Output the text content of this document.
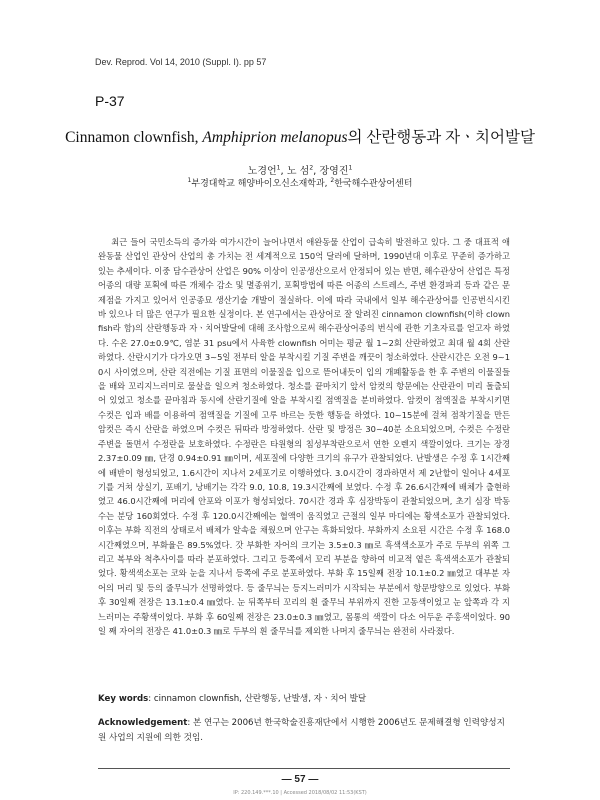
Dev. Reprod. Vol 14, 2010 (Suppl. I). pp 57
P-37
Cinnamon clownfish, Amphiprion melanopus의 산란행동과 자ㆍ치어발달
노경언$^1$, 노 섬$^2$, 장영진$^1$
$^1$부경대학교 해양바이오신소재학과, $^2$한국해수관상어센터
최근 들어 국민소득의 증가와 여가시간이 늘어나면서 애완동물 산업이 급속히 발전하고 있다. 그 중 대표적 애완동물 산업인 관상어 산업의 총 가치는 전 세계적으로 150억 달러에 달하며, 1990년대 이후로 꾸준히 증가하고 있는 추세이다. 이중 담수관상어 산업은 90% 이상이 인공생산으로서 안정되어 있는 반면, 해수관상어 산업은 특정 어종의 대량 포획에 따른 개체수 감소 및 멸종위기, 포획방법에 따른 어종의 스트레스, 주변 환경파괴 등과 같은 문제점을 가지고 있어서 인공종묘 생산기술 개발이 절실하다. 이에 따라 국내에서 일부 해수관상어를 인공번식시킨 바 있으나 더 많은 연구가 필요한 실정이다. 본 연구에서는 관상어로 잘 알려진 cinnamon clownfish(이하 clownfish라 함)의 산란행동과 자ㆍ치어발달에 대해 조사함으로써 해수관상어종의 번식에 관한 기초자료를 얻고자 하였다. 수온 27.0±0.9℃, 염분 31 psu에서 사육한 clownfish 어미는 평균 월 1~2회 산란하였고 최대 월 4회 산란하였다. 산란시기가 다가오면 3~5일 전부터 알을 부착시킬 기질 주변을 깨끗이 청소하였다. 산란시간은 오전 9~10시 사이였으며, 산란 직전에는 기질 표면의 이물질을 입으로 뜯어내듯이 입의 개폐활동을 한 후 주변의 이물질들을 배와 꼬리지느러미로 물살을 일으켜 청소하였다. 청소를 끝마치기 앞서 암컷의 항문에는 산란관이 미리 돌출되어 있었고 청소를 끝마침과 동시에 산란기질에 알을 부착시킬 점액질을 분비하였다. 암컷이 점액질을 부착시키면 수컷은 입과 배를 이용하여 점액질을 기질에 고루 바르는 듯한 행동을 하였다. 10~15분에 걸쳐 점착기질을 만든 암컷은 즉시 산란을 하였으며 수컷은 뒤따라 방정하였다. 산란 및 방정은 30~40분 소요되었으며, 수컷은 수정란 주변을 돌면서 수정란을 보호하였다. 수정란은 타원형의 침성부착란으로서 연한 오렌지 색깔이었다. 크기는 장경 2.37±0.09 ㎜, 단경 0.94±0.91 ㎜이며, 세포질에 다양한 크기의 유구가 관찰되었다. 난발생은 수정 후 1시간째에 배반이 형성되었고, 1.6시간이 지나서 2세포기로 이행하였다. 3.0시간이 경과하면서 제 2난할이 일어나 4세포기를 거쳐 상실기, 포배기, 낭배기는 각각 9.0, 10.8, 19.3시간째에 보였다. 수정 후 26.6시간째에 배체가 출현하였고 46.0시간째에 머리에 안포와 이포가 형성되었다. 70시간 경과 후 심장박동이 관찰되었으며, 초기 심장 박동수는 분당 160회였다. 수정 후 120.0시간째에는 혈액이 움직였고 근절의 일부 마디에는 황색소포가 관찰되었다. 이후는 부화 직전의 상태로서 배체가 알속을 채웠으며 안구는 흑화되었다. 부화까지 소요된 시간은 수정 후 168.0시간째였으며, 부화율은 89.5%였다. 갓 부화한 자어의 크기는 3.5±0.3 ㎜로 흑색색소포가 주로 두부의 위쪽 그리고 복부와 척추사이를 따라 분포하였다. 그리고 등쪽에서 꼬리 부분을 향하여 비교적 옅은 흑색색소포가 관찰되었다. 황색색소포는 코와 눈을 지나서 등쪽에 주로 분포하였다. 부화 후 15일째 전장 10.1±0.2 ㎜였고 대부분 자어의 머리 및 등의 줄무늬가 선명하였다. 등 줄무늬는 등지느러미가 시작되는 부분에서 항문방향으로 있었다. 부화 후 30일째 전장은 13.1±0.4 ㎜였다. 눈 뒤쪽부터 꼬리의 흰 줄무늬 부위까지 진한 고동색이었고 눈 앞쪽과 각 지느러미는 주황색이었다. 부화 후 60일째 전장은 23.0±0.3 ㎜였고, 몸통의 색깔이 다소 어두운 주홍색이었다. 90일 째 자어의 전장은 41.0±0.3 ㎜로 두부의 흰 줄무늬를 제외한 나머지 줄무늬는 완전히 사라졌다.
Key words: cinnamon clownfish, 산란행동, 난발생, 자ㆍ치어 발달
Acknowledgement: 본 연구는 2006년 한국학술진흥재단에서 시행한 2006년도 문제해결형 인력양성지원 사업의 지원에 의한 것임.
— 57 —
IP: 220.149.***.10 | Accessed 2018/08/02 11:53(KST)
